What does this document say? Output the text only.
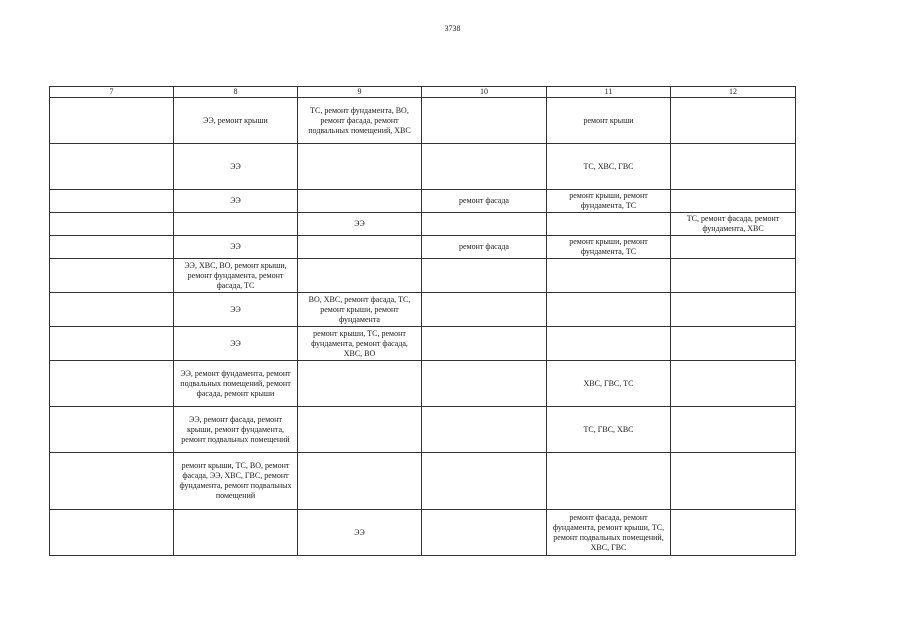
3738
7	8	9	10	11	12
	ЭЭ, ремонт крыши	ТС, ремонт фундамента, ВО, ремонт фасада, ремонт подвальных помещений, ХВС		ремонт крыши	
	ЭЭ			ТС, ХВС, ГВС	
	ЭЭ		ремонт фасада	ремонт крыши, ремонт фундамента, ТС	
		ЭЭ			ТС, ремонт фасада, ремонт фундамента, ХВС
	ЭЭ		ремонт фасада	ремонт крыши, ремонт фундамента, ТС	
	ЭЭ, ХВС, ВО, ремонт крыши, ремонт фундамента, ремонт фасада, ТС				
	ЭЭ	ВО, ХВС, ремонт фасада, ТС, ремонт крыши, ремонт фундамента			
	ЭЭ	ремонт крыши, ТС, ремонт фундамента, ремонт фасада, ХВС, ВО			
	ЭЭ, ремонт фундамента, ремонт подвальных помещений, ремонт фасада, ремонт крыши			ХВС, ГВС, ТС	
	ЭЭ, ремонт фасада, ремонт крыши, ремонт фундамента, ремонт подвальных помещений			ТС, ГВС, ХВС	
	ремонт крыши, ТС, ВО, ремонт фасада, ЭЭ, ХВС, ГВС, ремонт фундамента, ремонт подвальных помещений				
		ЭЭ		ремонт фасада, ремонт фундамента, ремонт крыши, ТС, ремонт подвальных помещений, ХВС, ГВС	
